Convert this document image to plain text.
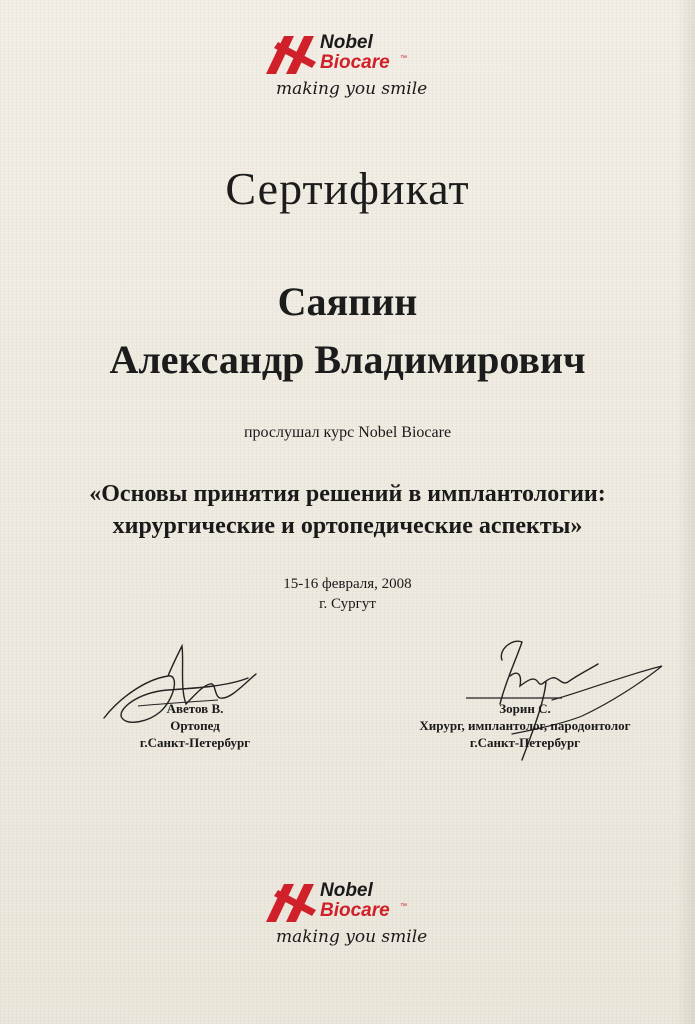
Nobel
Biocare ™
making you smile
Сертификат
Саяпин
Александр Владимирович
прослушал курс Nobel Biocare
«Основы принятия решений в имплантологии:
хирургические и ортопедические аспекты»
15-16 февраля, 2008
г. Сургут
Аветов В.
Ортопед
г.Санкт-Петербург
Зорин С.
Хирург, имплантолог, пародонтолог
г.Санкт-Петербург
Nobel
Biocare ™
making you smile
